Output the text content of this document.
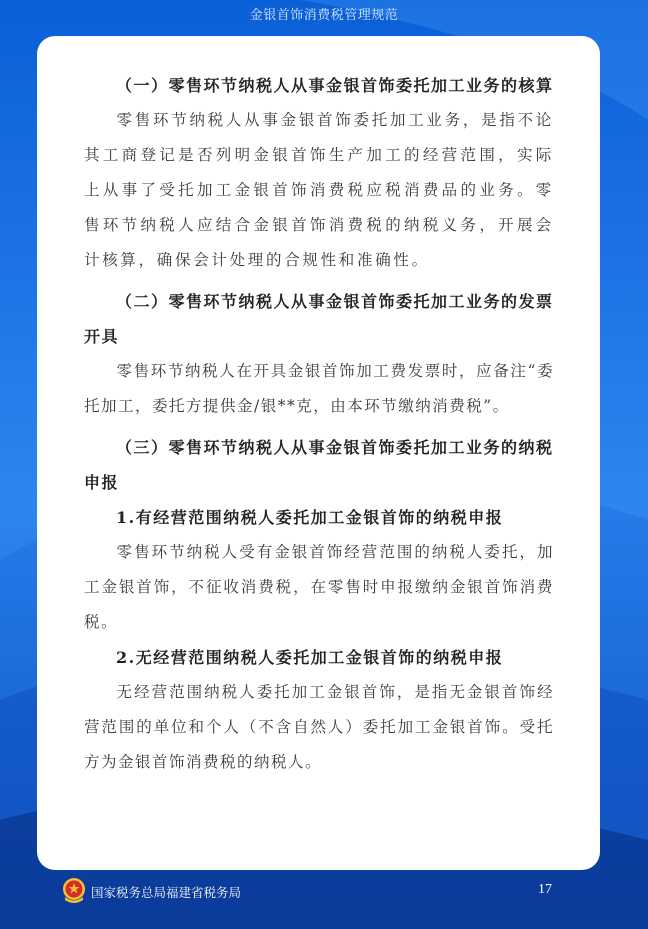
金银首饰消费税管理规范

（一）零售环节纳税人从事金银首饰委托加工业务的核算

零售环节纳税人从事金银首饰委托加工业务，是指不论其工商登记是否列明金银首饰生产加工的经营范围，实际上从事了受托加工金银首饰消费税应税消费品的业务。零售环节纳税人应结合金银首饰消费税的纳税义务，开展会计核算，确保会计处理的合规性和准确性。

（二）零售环节纳税人从事金银首饰委托加工业务的发票开具

零售环节纳税人在开具金银首饰加工费发票时，应备注“委托加工，委托方提供金/银**克，由本环节缴纳消费税”。

（三）零售环节纳税人从事金银首饰委托加工业务的纳税申报

1.有经营范围纳税人委托加工金银首饰的纳税申报

零售环节纳税人受有金银首饰经营范围的纳税人委托，加工金银首饰，不征收消费税，在零售时申报缴纳金银首饰消费税。

2.无经营范围纳税人委托加工金银首饰的纳税申报

无经营范围纳税人委托加工金银首饰，是指无金银首饰经营范围的单位和个人（不含自然人）委托加工金银首饰。受托方为金银首饰消费税的纳税人。

国家税务总局福建省税务局	17
